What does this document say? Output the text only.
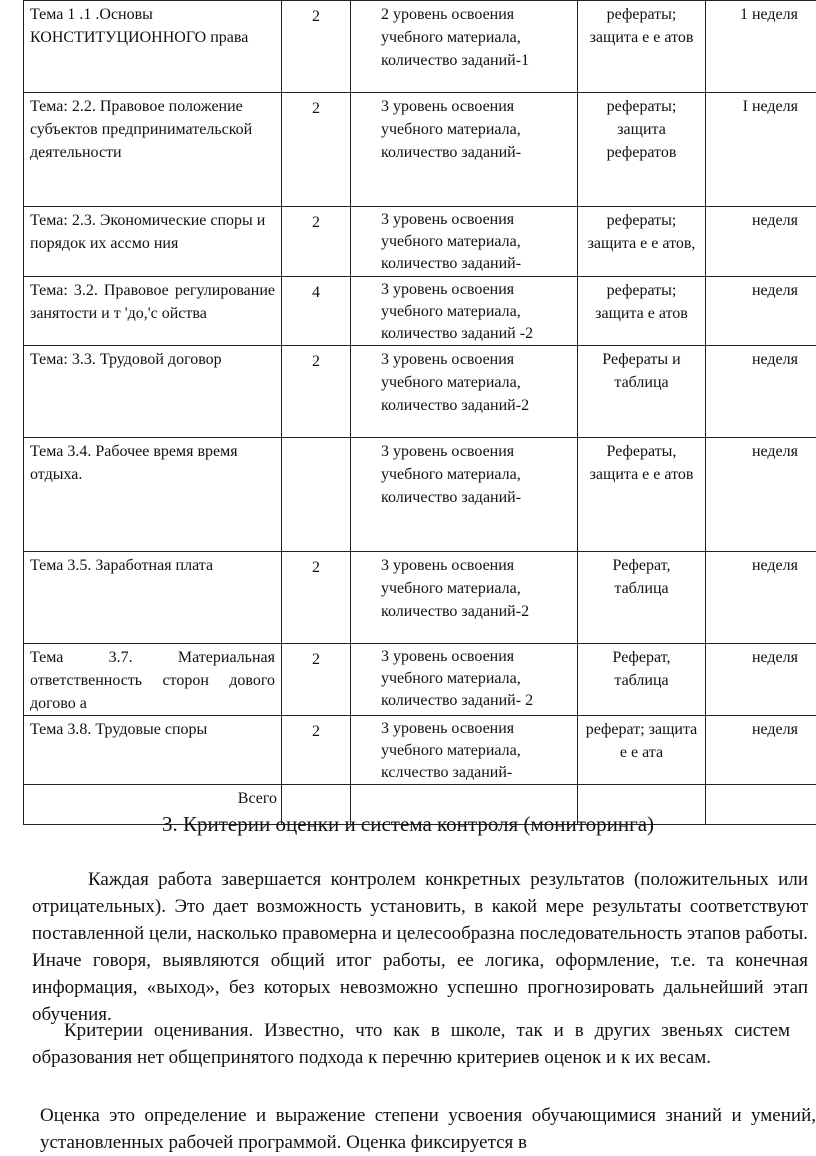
Тема 1 .1 .Основы КОНСТИТУЦИОННОГО права	2	2 уровень освоения учебного материала, количество заданий-1	рефераты; защита е е атов	1 неделя
Тема: 2.2. Правовое положение субъектов предпринимательской деятельности	2	3 уровень освоения учебного материала, количество заданий-	рефераты; защита рефератов	I неделя
Тема: 2.3. Экономические споры и порядок их ассмо ния	2	3 уровень освоения учебного материала, количество заданий-	рефераты; защита е е атов,	неделя
Тема: 3.2. Правовое регулирование занятости и т 'до,'с ойства	4	3 уровень освоения учебного материала, количество заданий -2	рефераты; защита е атов	неделя
Тема: 3.3. Трудовой договор	2	3 уровень освоения учебного материала, количество заданий-2	Рефераты и таблица	неделя
Тема 3.4. Рабочее время время отдыха.		3 уровень освоения учебного материала, количество заданий-	Рефераты, защита е е атов	неделя
Тема 3.5. Заработная плата	2	3 уровень освоения учебного материала, количество заданий-2	Реферат, таблица	неделя
Тема 3.7. Материальная ответственность сторон дового догово а	2	3 уровень освоения учебного материала, количество заданий- 2	Реферат, таблица	неделя
Тема 3.8. Трудовые споры	2	3 уровень освоения учебного материала, кслчество заданий-	реферат; защита е е ата	неделя
Всего				
3. Критерии оценки и система контроля (мониторинга)

Каждая работа завершается контролем конкретных результатов (положительных или отрицательных). Это дает возможность установить, в какой мере результаты соответствуют поставленной цели, насколько правомерна и целесообразна последовательность этапов работы. Иначе говоря, выявляются общий итог работы, ее логика, оформление, т.е. та конечная информация, «выход», без которых невозможно успешно прогнозировать дальнейший этап обучения.

Критерии оценивания. Известно, что как в школе, так и в других звеньях систем образования нет общепринятого подхода к перечню критериев оценок и к их весам.

Оценка это определение и выражение степени усвоения обучающимися знаний и умений, установленных рабочей программой. Оценка фиксируется в
